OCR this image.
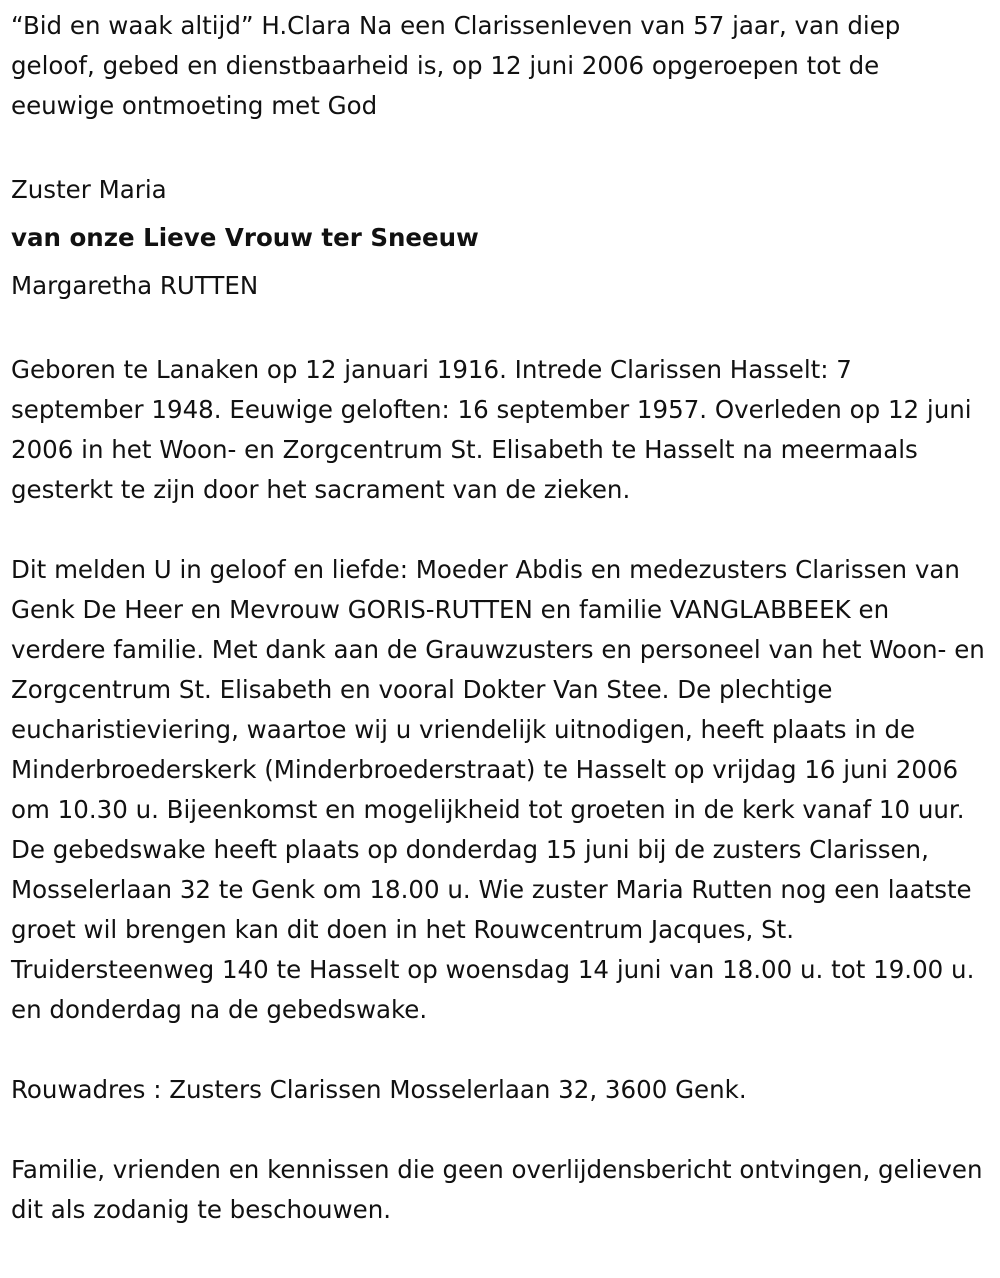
“Bid en waak altijd” H.Clara Na een Clarissenleven van 57 jaar, van diep geloof, gebed en dienstbaarheid is, op 12 juni 2006 opgeroepen tot de eeuwige ontmoeting met God

Zuster Maria

van onze Lieve Vrouw ter Sneeuw

Margaretha RUTTEN

Geboren te Lanaken op 12 januari 1916. Intrede Clarissen Hasselt: 7 september 1948. Eeuwige geloften: 16 september 1957. Overleden op 12 juni 2006 in het Woon- en Zorgcentrum St. Elisabeth te Hasselt na meermaals gesterkt te zijn door het sacrament van de zieken.

Dit melden U in geloof en liefde: Moeder Abdis en medezusters Clarissen van Genk De Heer en Mevrouw GORIS-RUTTEN en familie VANGLABBEEK en verdere familie. Met dank aan de Grauwzusters en personeel van het Woon- en Zorgcentrum St. Elisabeth en vooral Dokter Van Stee. De plechtige eucharistieviering, waartoe wij u vriendelijk uitnodigen, heeft plaats in de Minderbroederskerk (Minderbroederstraat) te Hasselt op vrijdag 16 juni 2006 om 10.30 u. Bijeenkomst en mogelijkheid tot groeten in de kerk vanaf 10 uur. De gebedswake heeft plaats op donderdag 15 juni bij de zusters Clarissen, Mosselerlaan 32 te Genk om 18.00 u. Wie zuster Maria Rutten nog een laatste groet wil brengen kan dit doen in het Rouwcentrum Jacques, St. Truidersteenweg 140 te Hasselt op woensdag 14 juni van 18.00 u. tot 19.00 u. en donderdag na de gebedswake.

Rouwadres : Zusters Clarissen Mosselerlaan 32, 3600 Genk.

Familie, vrienden en kennissen die geen overlijdensbericht ontvingen, gelieven dit als zodanig te beschouwen.
